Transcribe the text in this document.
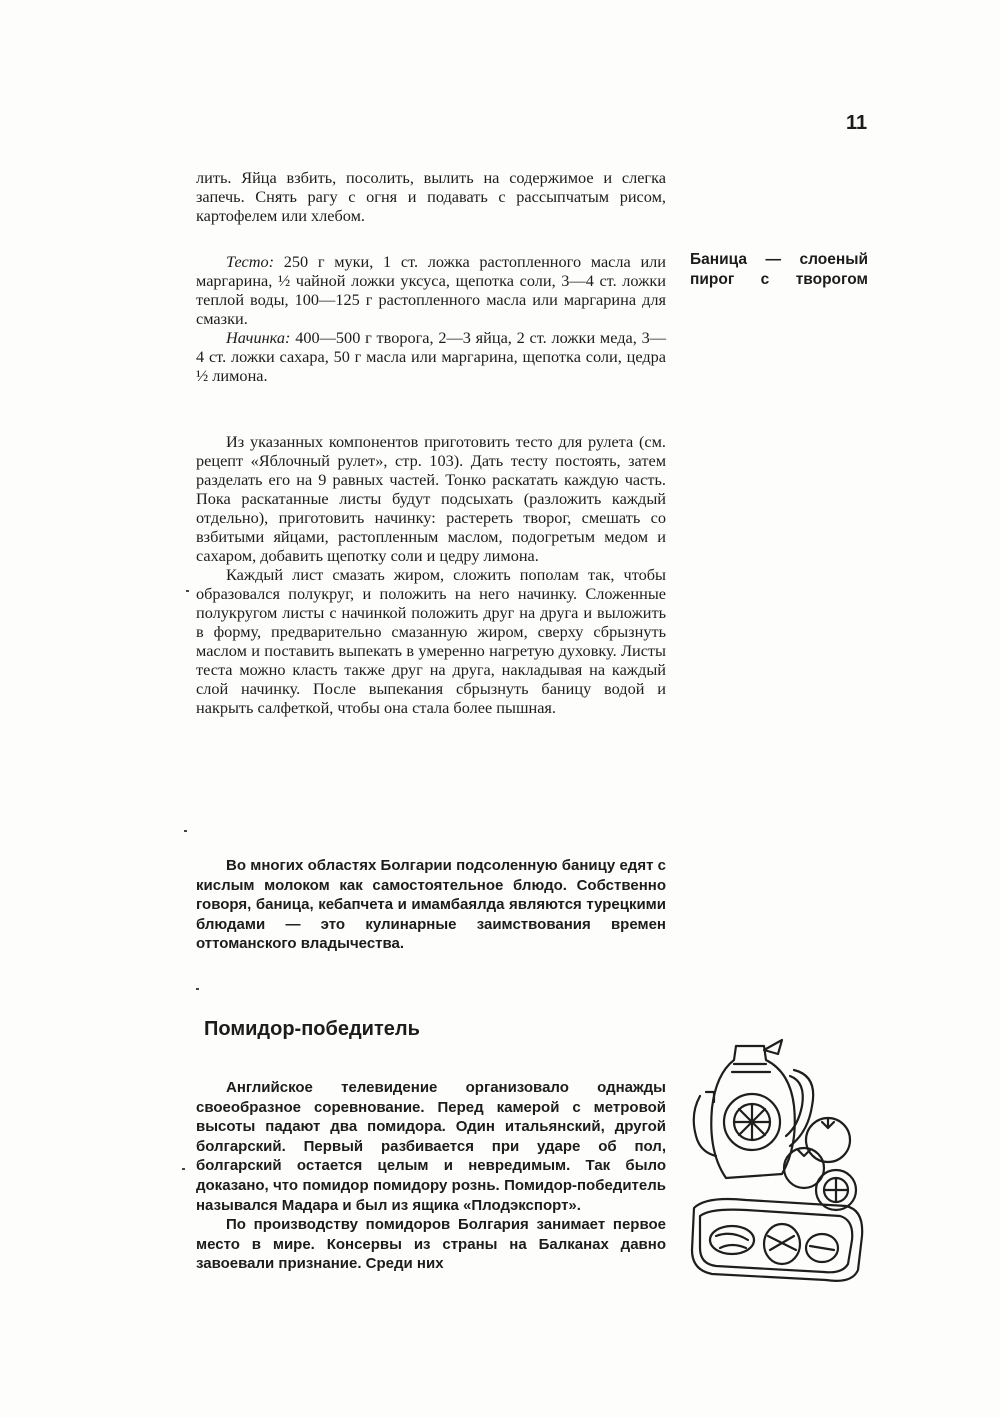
11

лить. Яйца взбить, посолить, вылить на содержимое и слегка запечь. Снять рагу с огня и подавать с рассыпчатым рисом, картофелем или хлебом.

Баница — слоеный пирог с творогом

Тесто: 250 г муки, 1 ст. ложка растопленного масла или маргарина, ½ чайной ложки уксуса, щепотка соли, 3—4 ст. ложки теплой воды, 100—125 г растопленного масла или маргарина для смазки.

Начинка: 400—500 г творога, 2—3 яйца, 2 ст. ложки меда, 3—4 ст. ложки сахара, 50 г масла или маргарина, щепотка соли, цедра ½ лимона.

Из указанных компонентов приготовить тесто для рулета (см. рецепт «Яблочный рулет», стр. 103). Дать тесту постоять, затем разделать его на 9 равных частей. Тонко раскатать каждую часть. Пока раскатанные листы будут подсыхать (разложить каждый отдельно), приготовить начинку: растереть творог, смешать со взбитыми яйцами, растопленным маслом, подогретым медом и сахаром, добавить щепотку соли и цедру лимона.

Каждый лист смазать жиром, сложить пополам так, чтобы образовался полукруг, и положить на него начинку. Сложенные полукругом листы с начинкой положить друг на друга и выложить в форму, предварительно смазанную жиром, сверху сбрызнуть маслом и поставить выпекать в умеренно нагретую духовку. Листы теста можно класть также друг на друга, накладывая на каждый слой начинку. После выпекания сбрызнуть баницу водой и накрыть салфеткой, чтобы она стала более пышная.

Во многих областях Болгарии подсоленную баницу едят с кислым молоком как самостоятельное блюдо. Собственно говоря, баница, кебапчета и имамбаялда являются турецкими блюдами — это кулинарные заимствования времен оттоманского владычества.

Помидор-победитель

Английское телевидение организовало однажды своеобразное соревнование. Перед камерой с метровой высоты падают два помидора. Один итальянский, другой болгарский. Первый разбивается при ударе об пол, болгарский остается целым и невредимым. Так было доказано, что помидор помидору рознь. Помидор-победитель назывался Мадара и был из ящика «Плодэкспорт».

По производству помидоров Болгария занимает первое место в мире. Консервы из страны на Балканах давно завоевали признание. Среди них
